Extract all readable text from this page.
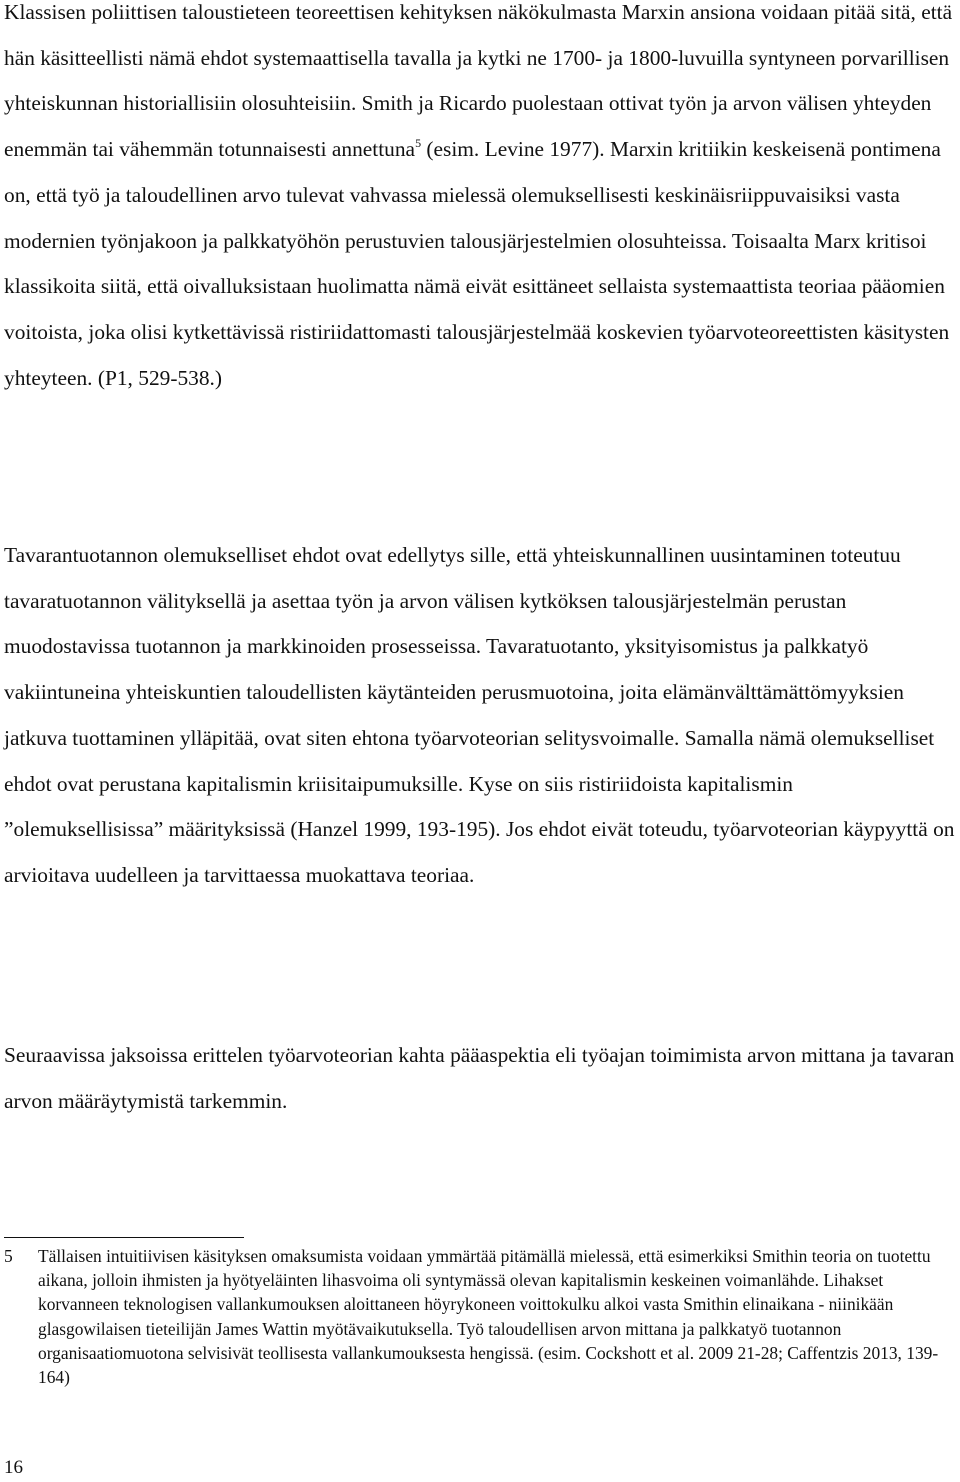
Klassisen poliittisen taloustieteen teoreettisen kehityksen näkökulmasta Marxin ansiona voidaan pitää sitä, että hän käsitteellisti nämä ehdot systemaattisella tavalla ja kytki ne 1700- ja 1800-luvuilla syntyneen porvarillisen yhteiskunnan historiallisiin olosuhteisiin. Smith ja Ricardo puolestaan ottivat työn ja arvon välisen yhteyden enemmän tai vähemmän totunnaisesti annettuna$^5$ (esim. Levine 1977). Marxin kritiikin keskeisenä pontimena on, että työ ja taloudellinen arvo tulevat vahvassa mielessä olemuksellisesti keskinäisriippuvaisiksi vasta modernien työnjakoon ja palkkatyöhön perustuvien talousjärjestelmien olosuhteissa. Toisaalta Marx kritisoi klassikoita siitä, että oivalluksistaan huolimatta nämä eivät esittäneet sellaista systemaattista teoriaa pääomien voitoista, joka olisi kytkettävissä ristiriidattomasti talousjärjestelmää koskevien työarvoteoreettisten käsitysten yhteyteen. (P1, 529-538.)

Tavarantuotannon olemukselliset ehdot ovat edellytys sille, että yhteiskunnallinen uusintaminen toteutuu tavaratuotannon välityksellä ja asettaa työn ja arvon välisen kytköksen talousjärjestelmän perustan muodostavissa tuotannon ja markkinoiden prosesseissa. Tavaratuotanto, yksityisomistus ja palkkatyö vakiintuneina yhteiskuntien taloudellisten käytänteiden perusmuotoina, joita elämänvälttämättömyyksien jatkuva tuottaminen ylläpitää, ovat siten ehtona työarvoteorian selitysvoimalle. Samalla nämä olemukselliset ehdot ovat perustana kapitalismin kriisitaipumuksille. Kyse on siis ristiriidoista kapitalismin ”olemuksellisissa” määrityksissä (Hanzel 1999, 193-195). Jos ehdot eivät toteudu, työarvoteorian käypyyttä on arvioitava uudelleen ja tarvittaessa muokattava teoriaa.

Seuraavissa jaksoissa erittelen työarvoteorian kahta pääaspektia eli työajan toimimista arvon mittana ja tavaran arvon määräytymistä tarkemmin.

5	Tällaisen intuitiivisen käsityksen omaksumista voidaan ymmärtää pitämällä mielessä, että esimerkiksi Smithin teoria on tuotettu aikana, jolloin ihmisten ja hyötyeläinten lihasvoima oli syntymässä olevan kapitalismin keskeinen voimanlähde. Lihakset korvanneen teknologisen vallankumouksen aloittaneen höyrykoneen voittokulku alkoi vasta Smithin elinaikana - niinikään glasgowilaisen tieteilijän James Wattin myötävaikutuksella. Työ taloudellisen arvon mittana ja palkkatyö tuotannon organisaatiomuotona selvisivät teollisesta vallankumouksesta hengissä. (esim. Cockshott et al. 2009 21-28; Caffentzis 2013, 139-164)
16
